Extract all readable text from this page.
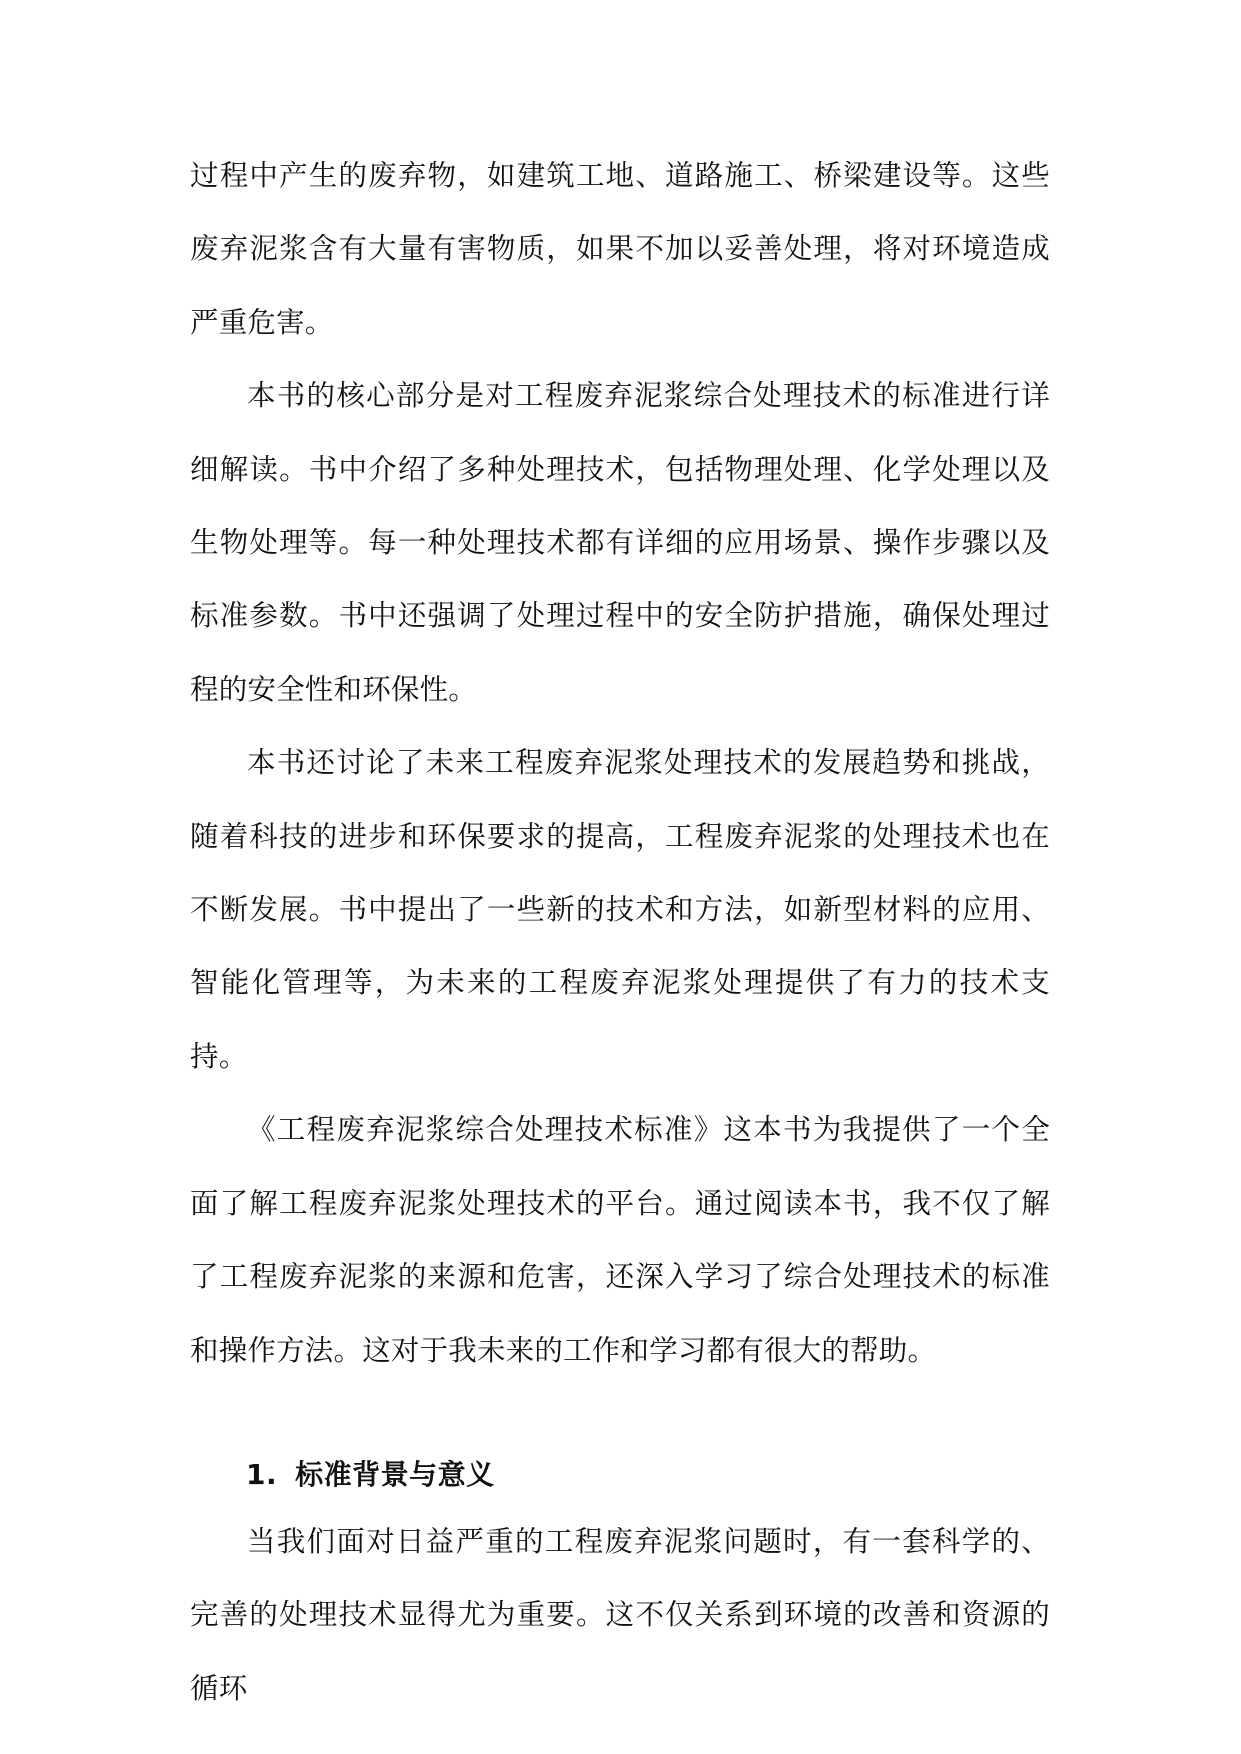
过程中产生的废弃物，如建筑工地、道路施工、桥梁建设等。这些废弃泥浆含有大量有害物质，如果不加以妥善处理，将对环境造成严重危害。

本书的核心部分是对工程废弃泥浆综合处理技术的标准进行详细解读。书中介绍了多种处理技术，包括物理处理、化学处理以及生物处理等。每一种处理技术都有详细的应用场景、操作步骤以及标准参数。书中还强调了处理过程中的安全防护措施，确保处理过程的安全性和环保性。

本书还讨论了未来工程废弃泥浆处理技术的发展趋势和挑战，随着科技的进步和环保要求的提高，工程废弃泥浆的处理技术也在不断发展。书中提出了一些新的技术和方法，如新型材料的应用、智能化管理等，为未来的工程废弃泥浆处理提供了有力的技术支持。

《工程废弃泥浆综合处理技术标准》这本书为我提供了一个全面了解工程废弃泥浆处理技术的平台。通过阅读本书，我不仅了解了工程废弃泥浆的来源和危害，还深入学习了综合处理技术的标准和操作方法。这对于我未来的工作和学习都有很大的帮助。

1. 标准背景与意义

当我们面对日益严重的工程废弃泥浆问题时，有一套科学的、完善的处理技术显得尤为重要。这不仅关系到环境的改善和资源的循环
